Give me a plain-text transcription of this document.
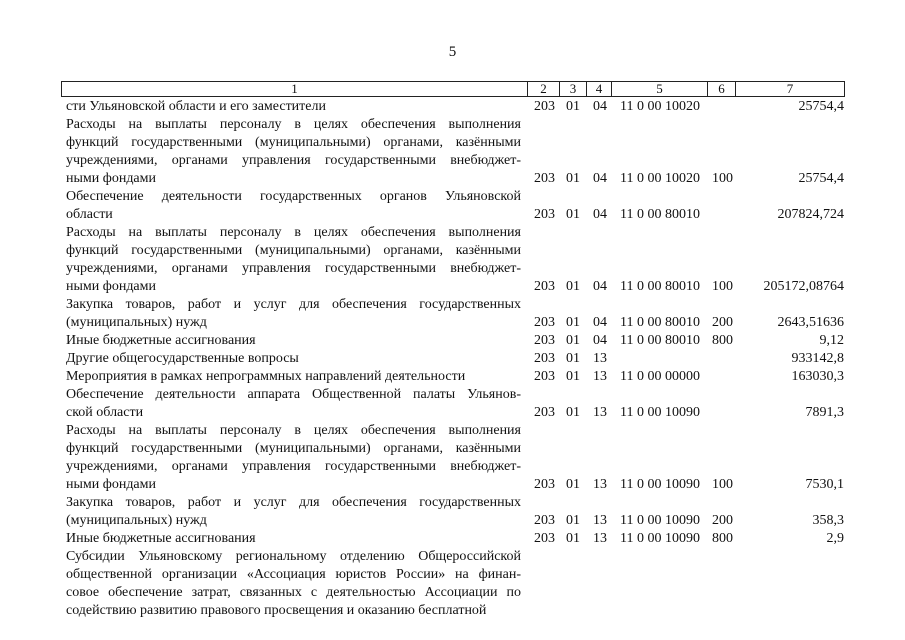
5
1	2	3	4	5	6	7
сти Ульяновской области и его заместители	203 01 04 11 0 00 10020	25754,4
Расходы на выплаты персоналу в целях обеспечения выполнения
функций государственными (муниципальными) органами, казёнными
учреждениями, органами управления государственными внебюджет-
ными фондами	203 01 04 11 0 00 10020 100	25754,4
Обеспечение деятельности государственных органов Ульяновской
области	203 01 04 11 0 00 80010	207824,724
Расходы на выплаты персоналу в целях обеспечения выполнения
функций государственными (муниципальными) органами, казёнными
учреждениями, органами управления государственными внебюджет-
ными фондами	203 01 04 11 0 00 80010 100 205172,08764
Закупка товаров, работ и услуг для обеспечения государственных
(муниципальных) нужд	203 01 04 11 0 00 80010 200	2643,51636
Иные бюджетные ассигнования	203 01 04 11 0 00 80010 800	9,12
Другие общегосударственные вопросы	203 01 13	933142,8
Мероприятия в рамках непрограммных направлений деятельности	203 01 13 11 0 00 00000	163030,3
Обеспечение деятельности аппарата Общественной палаты Ульянов-
ской области	203 01 13 11 0 00 10090	7891,3
Расходы на выплаты персоналу в целях обеспечения выполнения
функций государственными (муниципальными) органами, казёнными
учреждениями, органами управления государственными внебюджет-
ными фондами	203 01 13 11 0 00 10090 100	7530,1
Закупка товаров, работ и услуг для обеспечения государственных
(муниципальных) нужд	203 01 13 11 0 00 10090 200	358,3
Иные бюджетные ассигнования	203 01 13 11 0 00 10090 800	2,9
Субсидии Ульяновскому региональному отделению Общероссийской
общественной организации «Ассоциация юристов России» на финан-
совое обеспечение затрат, связанных с деятельностью Ассоциации по
содействию развитию правового просвещения и оказанию бесплатной
